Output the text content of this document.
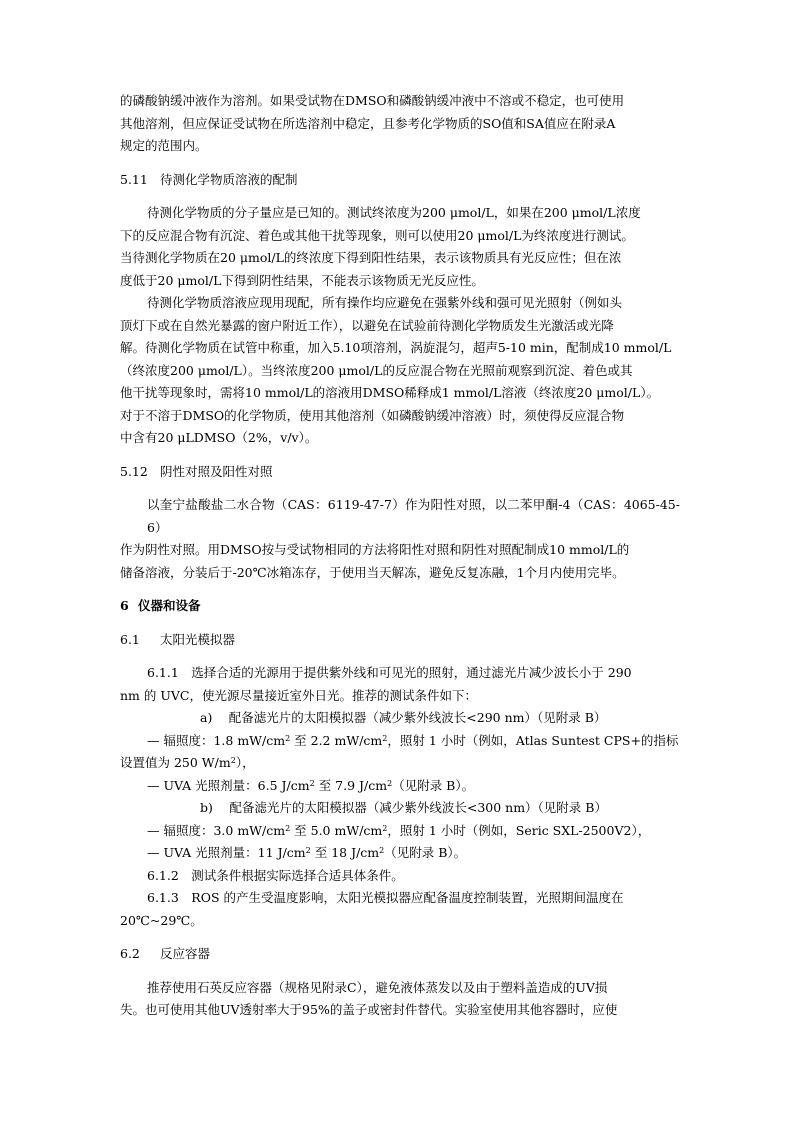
的磷酸钠缓冲液作为溶剂。如果受试物在DMSO和磷酸钠缓冲液中不溶或不稳定，也可使用

其他溶剂，但应保证受试物在所选溶剂中稳定，且参考化学物质的SO值和SA值应在附录A

规定的范围内。

5.11 待测化学物质溶液的配制

待测化学物质的分子量应是已知的。测试终浓度为200 μmol/L，如果在200 μmol/L浓度

下的反应混合物有沉淀、着色或其他干扰等现象，则可以使用20 μmol/L为终浓度进行测试。

当待测化学物质在20 μmol/L的终浓度下得到阳性结果，表示该物质具有光反应性；但在浓

度低于20 μmol/L下得到阴性结果，不能表示该物质无光反应性。

待测化学物质溶液应现用现配，所有操作均应避免在强紫外线和强可见光照射（例如头

顶灯下或在自然光暴露的窗户附近工作），以避免在试验前待测化学物质发生光激活或光降

解。待测化学物质在试管中称重，加入5.10项溶剂，涡旋混匀，超声5-10 min，配制成10 mmol/L

（终浓度200 μmol/L）。当终浓度200 μmol/L的反应混合物在光照前观察到沉淀、着色或其

他干扰等现象时，需将10 mmol/L的溶液用DMSO稀释成1 mmol/L溶液（终浓度20 μmol/L）。

对于不溶于DMSO的化学物质，使用其他溶剂（如磷酸钠缓冲溶液）时，须使得反应混合物

中含有20 μLDMSO（2%，v/v）。

5.12 阴性对照及阳性对照

以奎宁盐酸盐二水合物（CAS：6119-47-7）作为阳性对照，以二苯甲酮-4（CAS：4065-45-6）

作为阴性对照。用DMSO按与受试物相同的方法将阳性对照和阴性对照配制成10 mmol/L的

储备溶液，分装后于-20℃冰箱冻存，于使用当天解冻，避免反复冻融，1个月内使用完毕。

6 仪器和设备

6.1 太阳光模拟器

6.1.1　选择合适的光源用于提供紫外线和可见光的照射，通过滤光片减少波长小于 290

nm 的 UVC，使光源尽量接近室外日光。推荐的测试条件如下：

a)　 配备滤光片的太阳模拟器（减少紫外线波长<290 nm）（见附录 B）

— 辐照度：1.8 $mW/cm^2$ 至 2.2 $mW/cm^2$，照射 1 小时（例如，Atlas Suntest CPS+的指标

设置值为 250 $W/m^2$），

— UVA 光照剂量：6.5 $J/cm^2$ 至 7.9 $J/cm^2$（见附录 B）。

b)　 配备滤光片的太阳模拟器（减少紫外线波长<300 nm）（见附录 B）

— 辐照度：3.0 $mW/cm^2$ 至 5.0 $mW/cm^2$，照射 1 小时（例如，Seric SXL-2500V2），

— UVA 光照剂量：11 $J/cm^2$ 至 18 $J/cm^2$（见附录 B）。

6.1.2　测试条件根据实际选择合适具体条件。

6.1.3　ROS 的产生受温度影响，太阳光模拟器应配备温度控制装置，光照期间温度在

20℃~29℃。

6.2 反应容器

推荐使用石英反应容器（规格见附录C），避免液体蒸发以及由于塑料盖造成的UV损

失。也可使用其他UV透射率大于95%的盖子或密封件替代。实验室使用其他容器时，应使
